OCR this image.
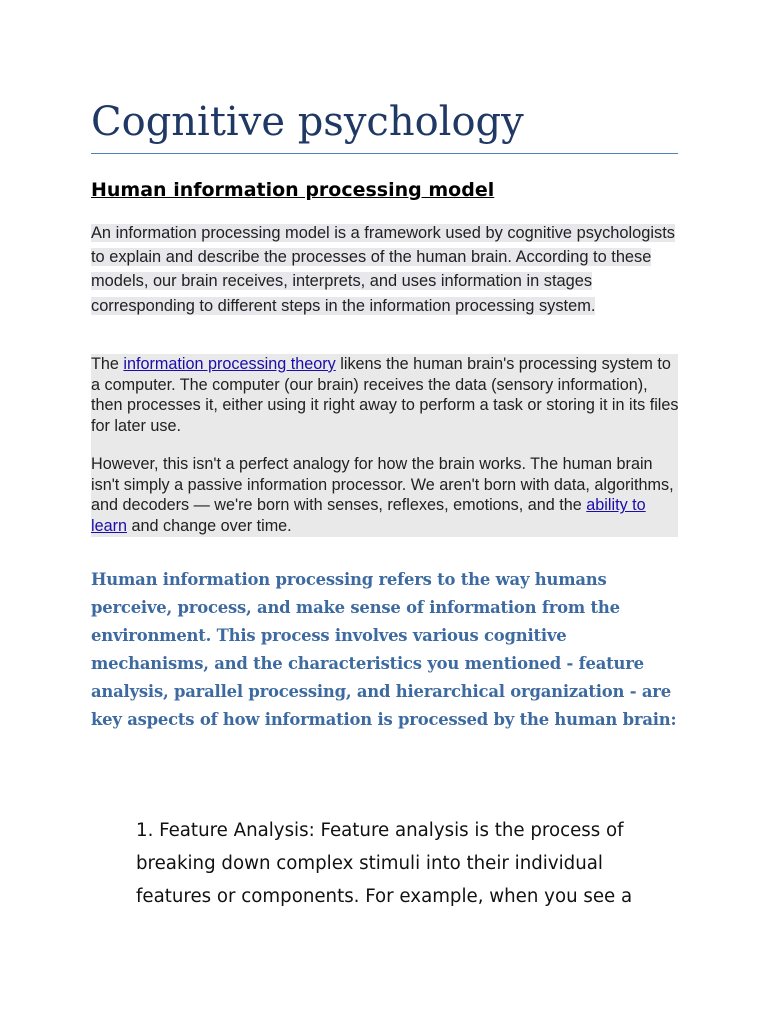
Cognitive psychology
Human information processing model

An information processing model is a framework used by cognitive psychologists to explain and describe the processes of the human brain. According to these models, our brain receives, interprets, and uses information in stages corresponding to different steps in the information processing system.

The information processing theory likens the human brain's processing system to a computer. The computer (our brain) receives the data (sensory information), then processes it, either using it right away to perform a task or storing it in its files for later use.

However, this isn't a perfect analogy for how the brain works. The human brain isn't simply a passive information processor. We aren't born with data, algorithms, and decoders — we're born with senses, reflexes, emotions, and the ability to learn and change over time.

Human information processing refers to the way humans perceive, process, and make sense of information from the environment. This process involves various cognitive mechanisms, and the characteristics you mentioned - feature analysis, parallel processing, and hierarchical organization - are key aspects of how information is processed by the human brain:

1. Feature Analysis: Feature analysis is the process of breaking down complex stimuli into their individual features or components. For example, when you see a
